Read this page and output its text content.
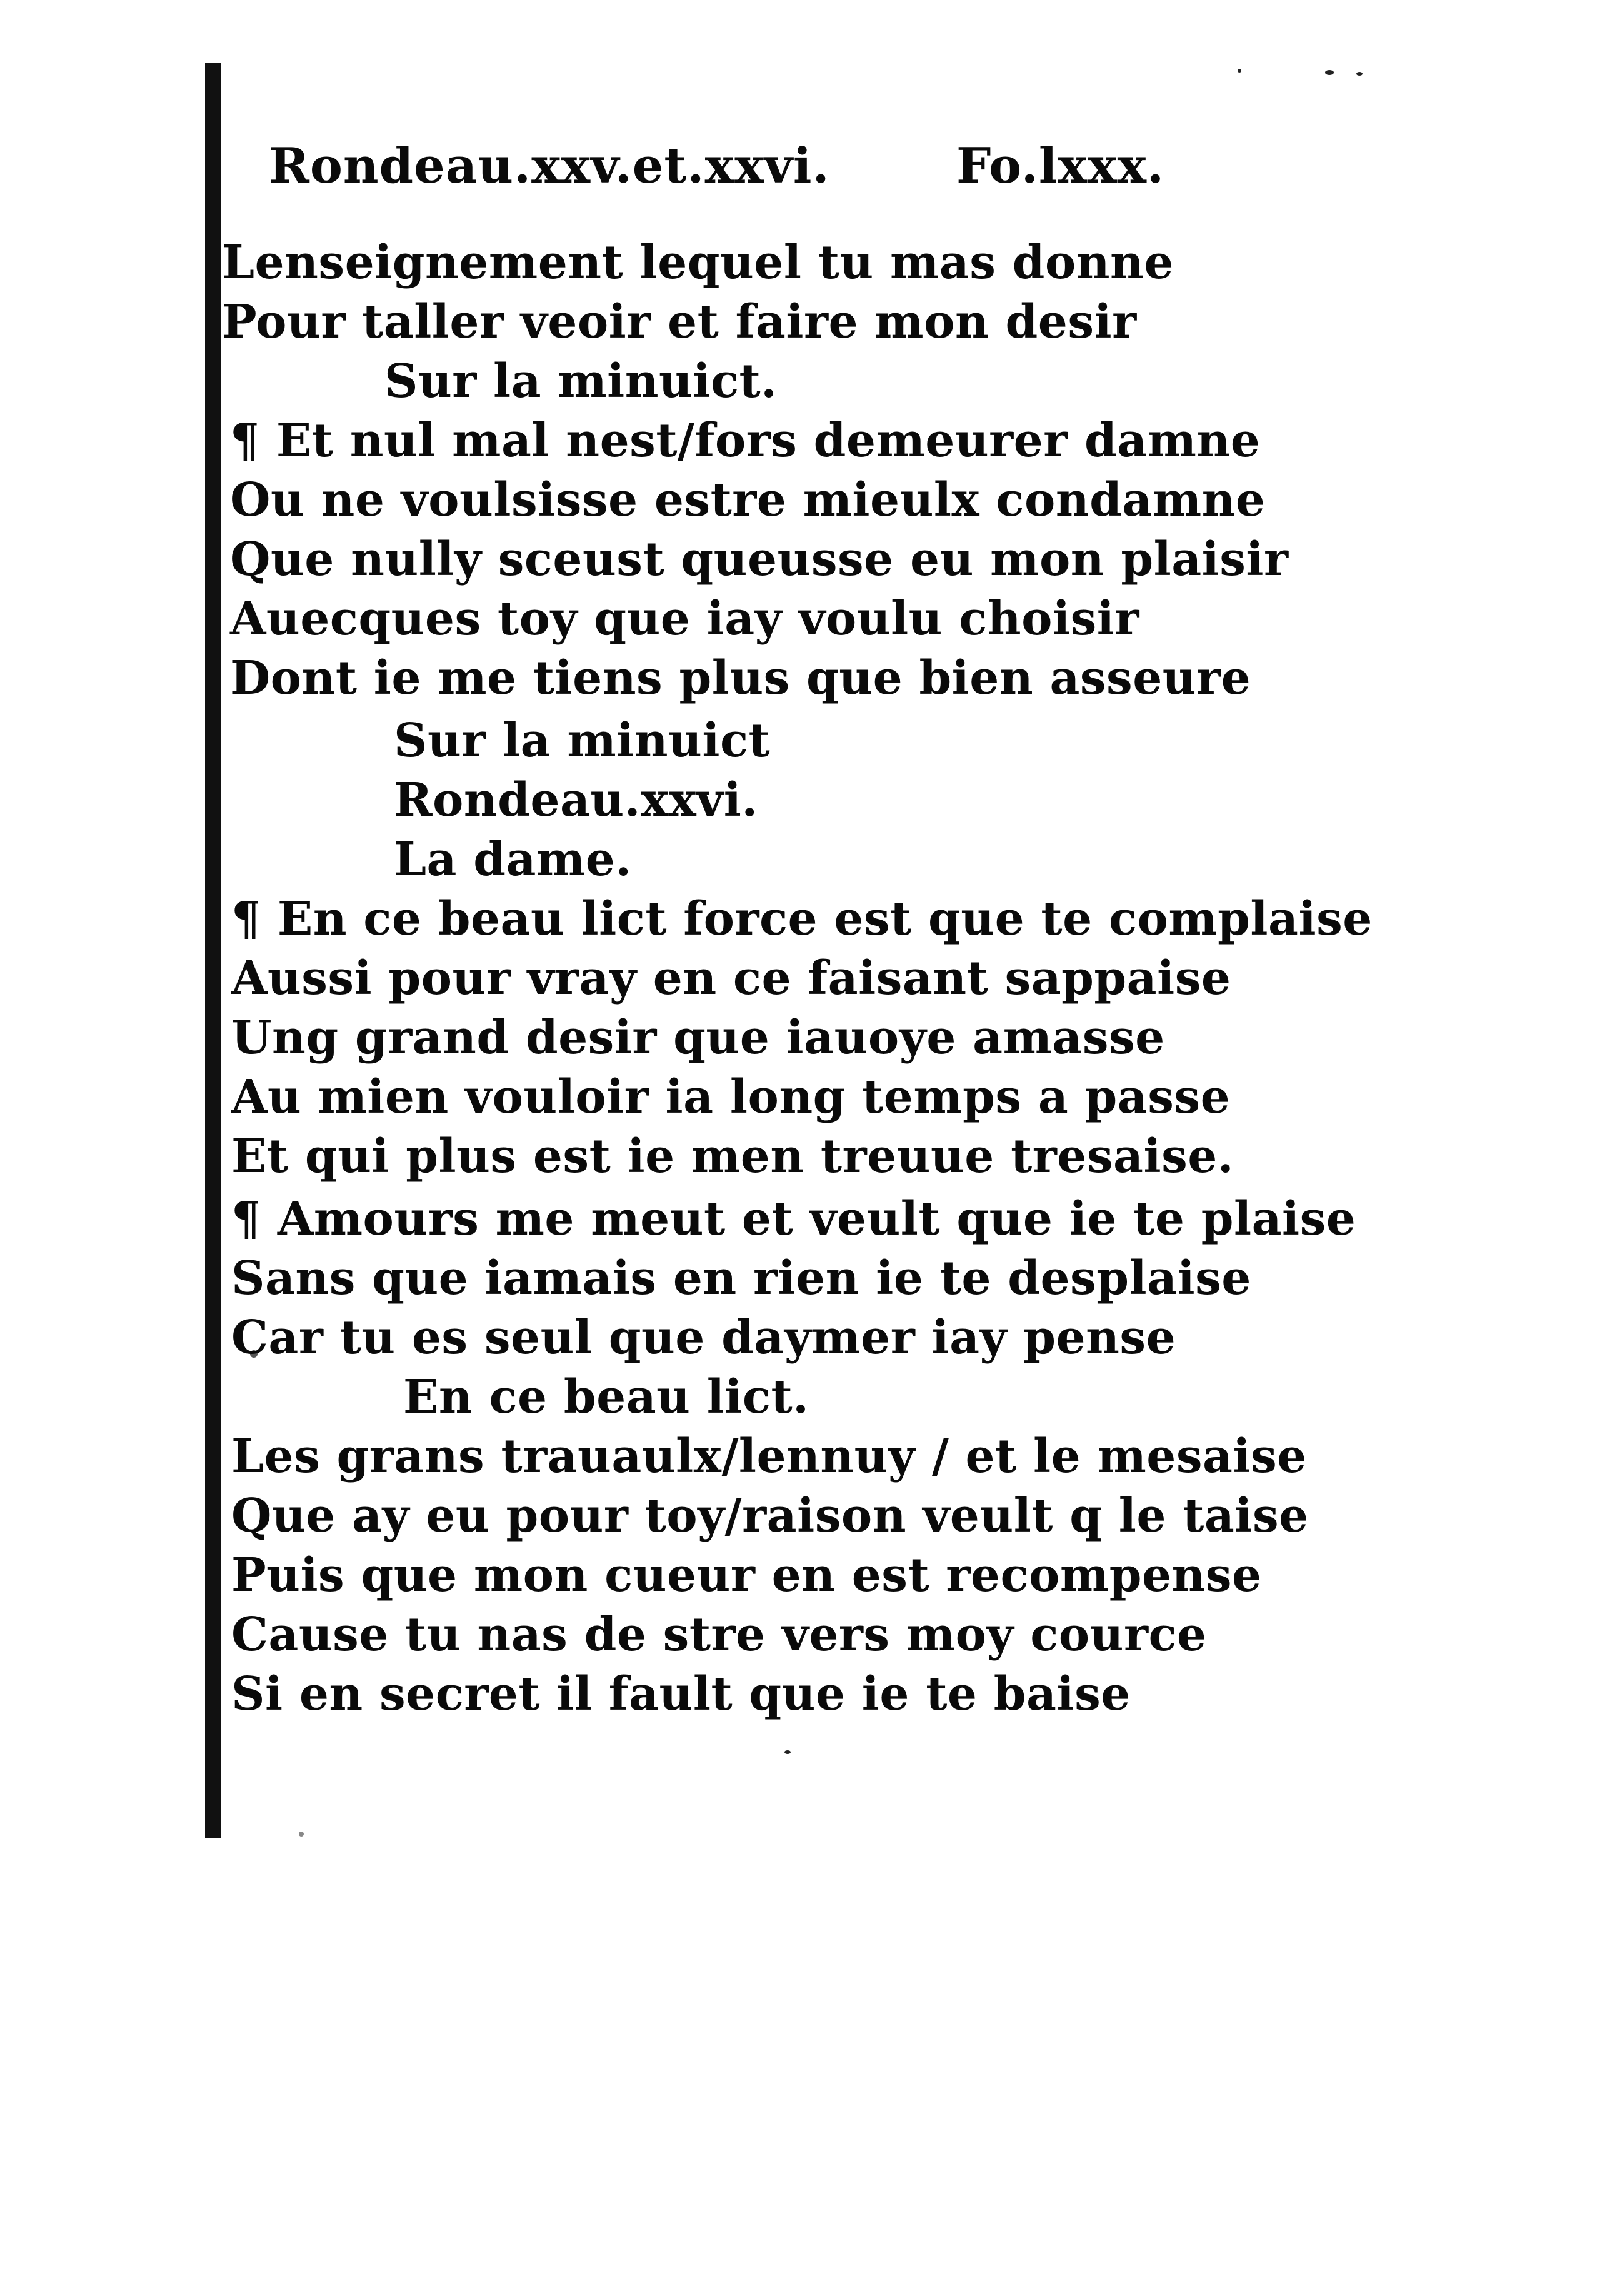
Rondeau.xxv.et.xxvi.	Fo.lxxx.
Lenseignement lequel tu mas donne
Pour taller veoir et faire mon desir
Sur la minuict.
¶ Et nul mal nest/fors demeurer damne
Ou ne voulsisse estre mieulx condamne
Que nully sceust queusse eu mon plaisir
Auecques toy que iay voulu choisir
Dont ie me tiens plus que bien asseure
Sur la minuict
Rondeau.xxvi.
La dame.
¶ En ce beau lict force est que te complaise
Aussi pour vray en ce faisant sappaise
Ung grand desir que iauoye amasse
Au mien vouloir ia long temps a passe
Et qui plus est ie men treuue tresaise.
¶ Amours me meut et veult que ie te plaise
Sans que iamais en rien ie te desplaise
Car tu es seul que daymer iay pense
En ce beau lict.
Les grans trauaulx/lennuy / et le mesaise
Que ay eu pour toy/raison veult q le taise
Puis que mon cueur en est recompense
Cause tu nas de stre vers moy cource
Si en secret il fault que ie te baise
